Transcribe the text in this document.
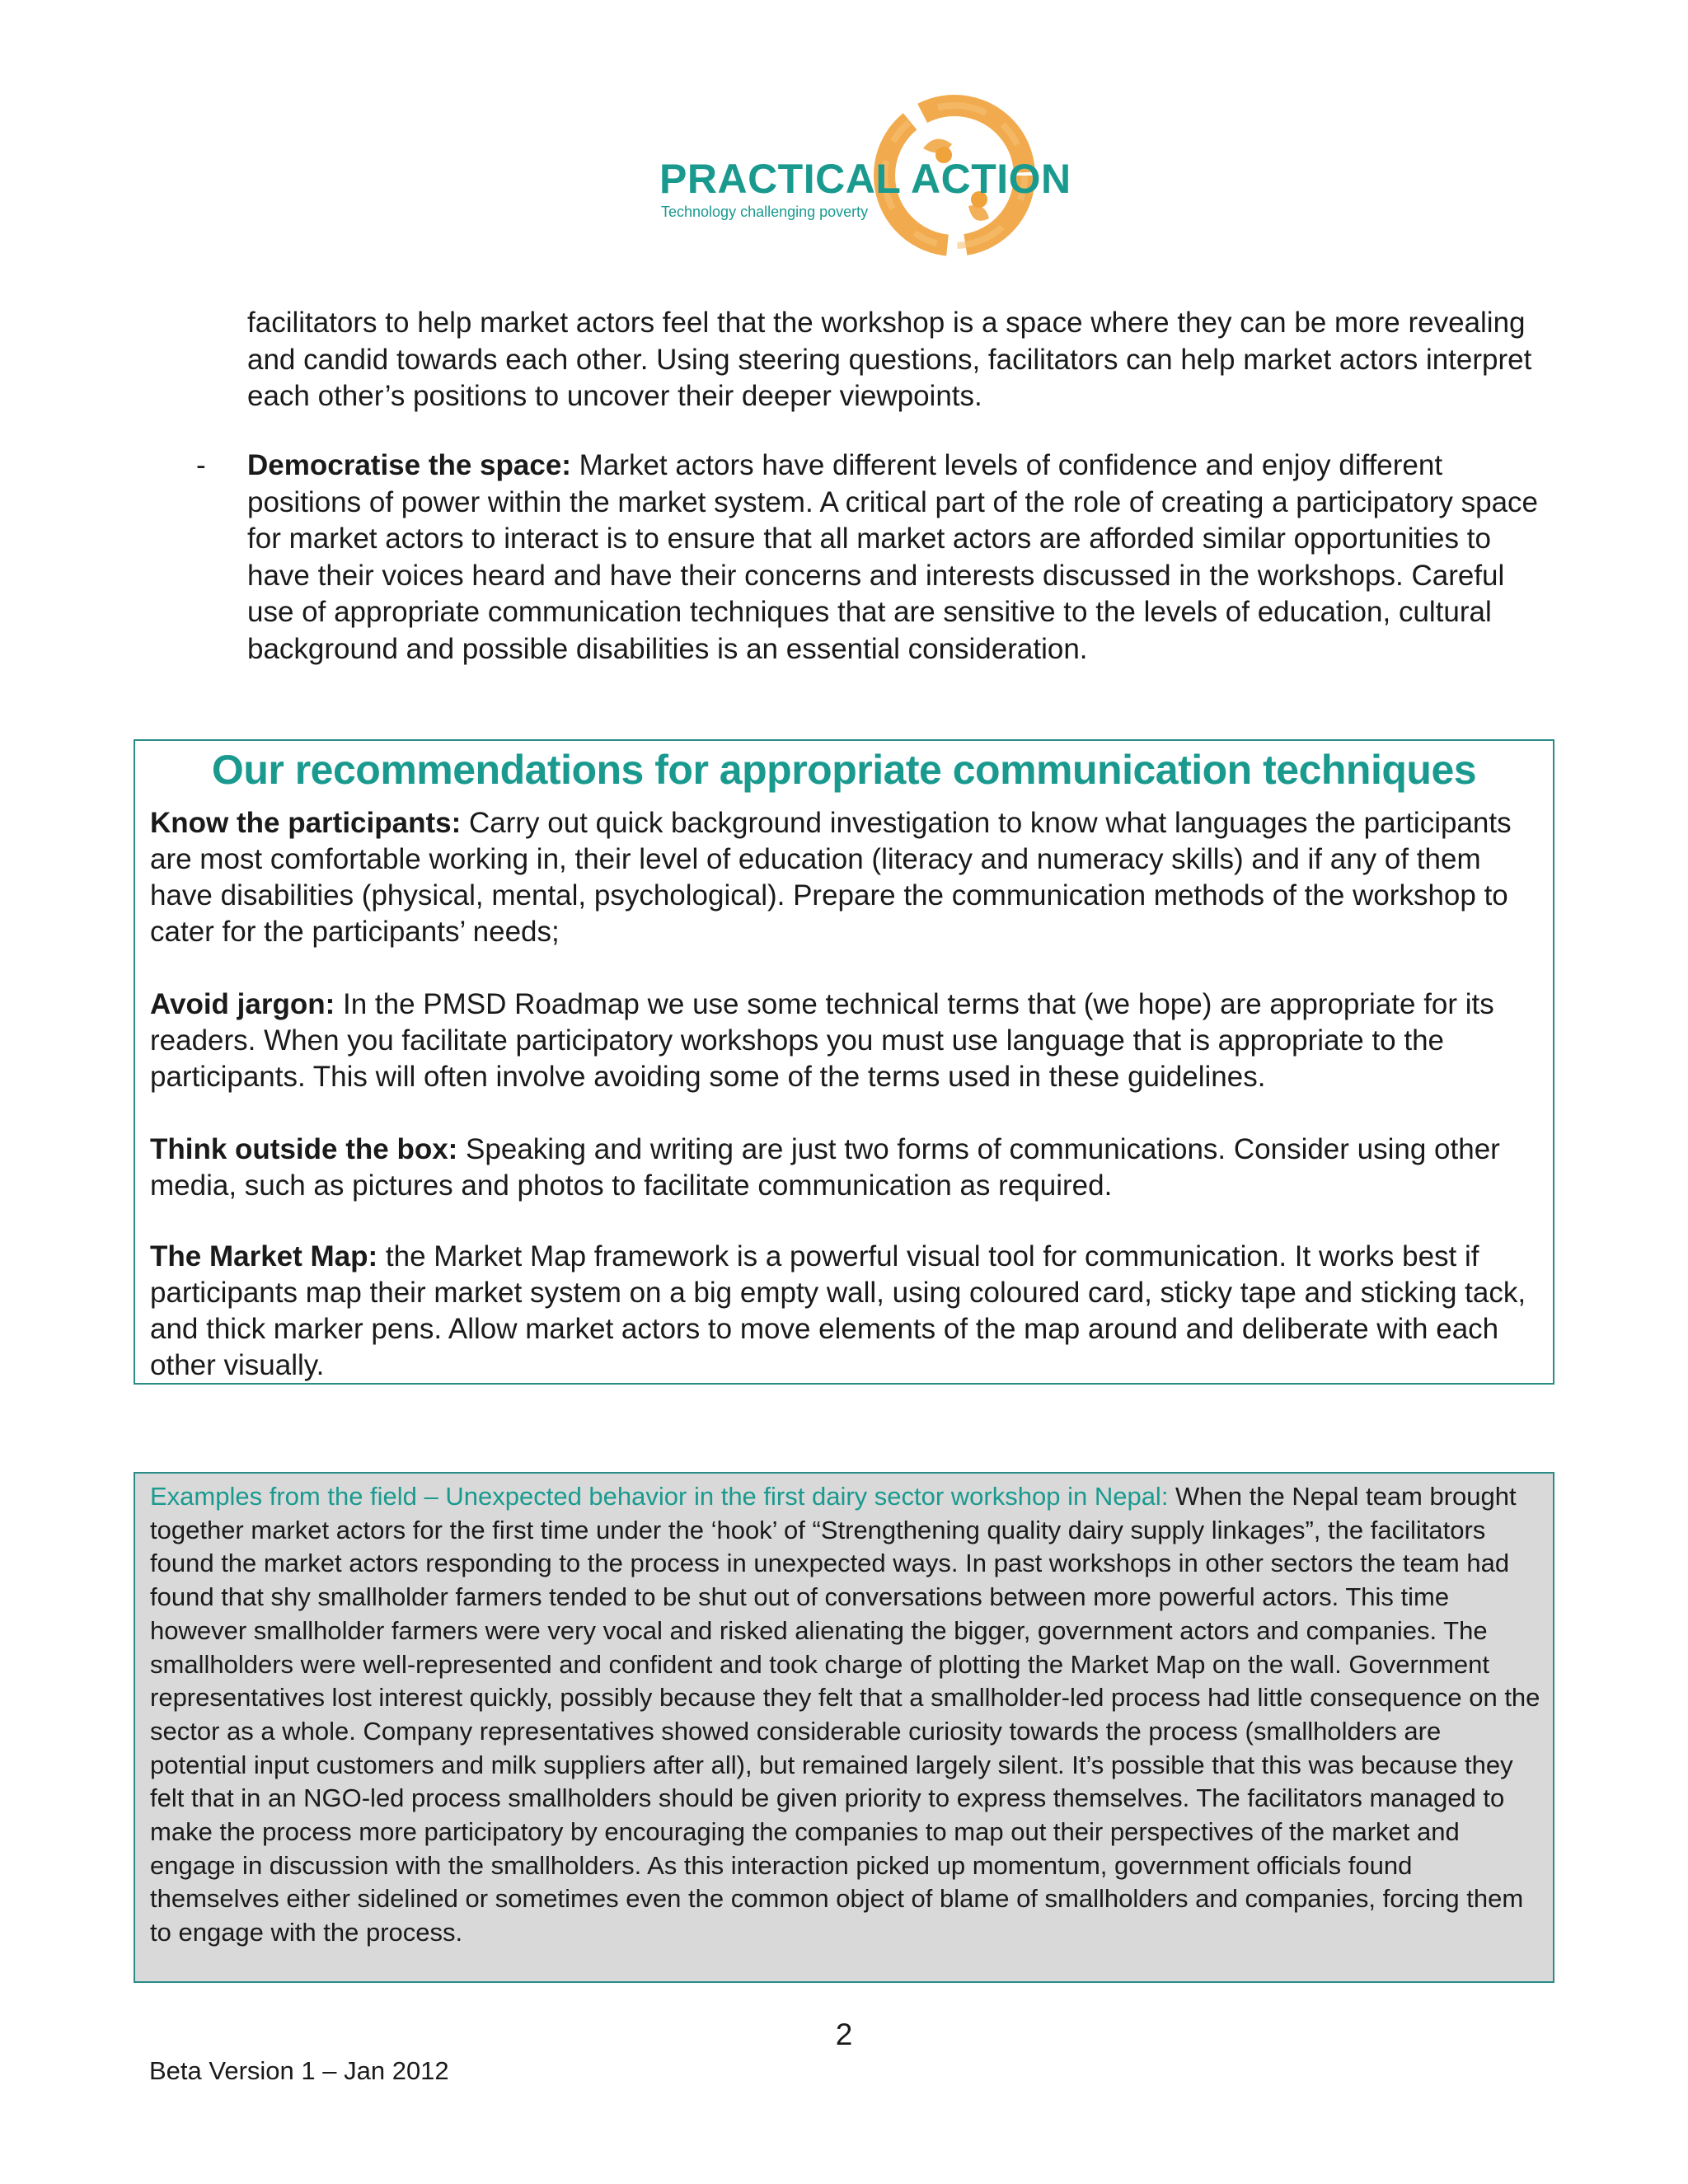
PRACTICAL ACTION
Technology challenging poverty
facilitators to help market actors feel that the workshop is a space where they can be more revealing and candid towards each other. Using steering questions, facilitators can help market actors interpret each other’s positions to uncover their deeper viewpoints.
- Democratise the space: Market actors have different levels of confidence and enjoy different positions of power within the market system. A critical part of the role of creating a participatory space for market actors to interact is to ensure that all market actors are afforded similar opportunities to have their voices heard and have their concerns and interests discussed in the workshops. Careful use of appropriate communication techniques that are sensitive to the levels of education, cultural background and possible disabilities is an essential consideration.
Our recommendations for appropriate communication techniques
Know the participants: Carry out quick background investigation to know what languages the participants are most comfortable working in, their level of education (literacy and numeracy skills) and if any of them have disabilities (physical, mental, psychological). Prepare the communication methods of the workshop to cater for the participants’ needs;
Avoid jargon: In the PMSD Roadmap we use some technical terms that (we hope) are appropriate for its readers. When you facilitate participatory workshops you must use language that is appropriate to the participants. This will often involve avoiding some of the terms used in these guidelines.
Think outside the box: Speaking and writing are just two forms of communications. Consider using other media, such as pictures and photos to facilitate communication as required.
The Market Map: the Market Map framework is a powerful visual tool for communication. It works best if participants map their market system on a big empty wall, using coloured card, sticky tape and sticking tack, and thick marker pens. Allow market actors to move elements of the map around and deliberate with each other visually.
Examples from the field – Unexpected behavior in the first dairy sector workshop in Nepal: When the Nepal team brought together market actors for the first time under the ‘hook’ of “Strengthening quality dairy supply linkages”, the facilitators found the market actors responding to the process in unexpected ways. In past workshops in other sectors the team had found that shy smallholder farmers tended to be shut out of conversations between more powerful actors. This time however smallholder farmers were very vocal and risked alienating the bigger, government actors and companies. The smallholders were well-represented and confident and took charge of plotting the Market Map on the wall. Government representatives lost interest quickly, possibly because they felt that a smallholder-led process had little consequence on the sector as a whole. Company representatives showed considerable curiosity towards the process (smallholders are potential input customers and milk suppliers after all), but remained largely silent. It’s possible that this was because they felt that in an NGO-led process smallholders should be given priority to express themselves. The facilitators managed to make the process more participatory by encouraging the companies to map out their perspectives of the market and engage in discussion with the smallholders. As this interaction picked up momentum, government officials found themselves either sidelined or sometimes even the common object of blame of smallholders and companies, forcing them to engage with the process.
2
Beta Version 1 – Jan 2012
